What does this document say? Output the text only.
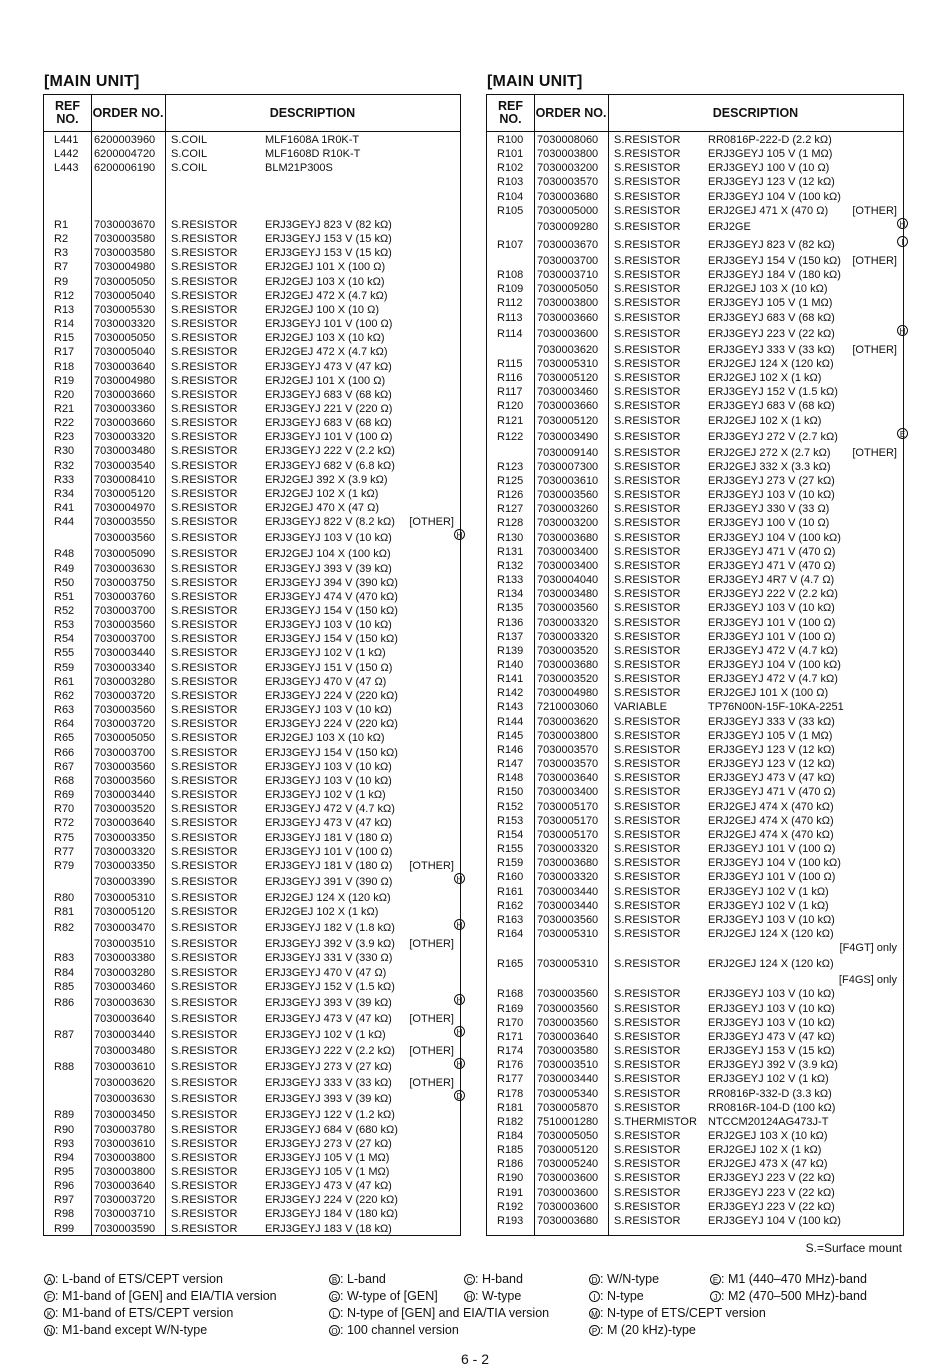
[MAIN UNIT]	[MAIN UNIT]
REF NO.	ORDER NO.	DESCRIPTION
L441 6200003960 S.COIL	MLF1608A 1R0K-T
L442 6200004720 S.COIL	MLF1608D R10K-T
L443 6200006190 S.COIL	BLM21P300S
R1 7030003670 S.RESISTOR	ERJ3GEYJ 823 V (82 kΩ)
R2 7030003580 S.RESISTOR	ERJ3GEYJ 153 V (15 kΩ)
R3 7030003580 S.RESISTOR	ERJ3GEYJ 153 V (15 kΩ)
R7 7030004980 S.RESISTOR	ERJ2GEJ 101 X (100 Ω)
R9 7030005050 S.RESISTOR	ERJ2GEJ 103 X (10 kΩ)
R12 7030005040 S.RESISTOR	ERJ2GEJ 472 X (4.7 kΩ)
R13 7030005530 S.RESISTOR	ERJ2GEJ 100 X (10 Ω)
R14 7030003320 S.RESISTOR	ERJ3GEYJ 101 V (100 Ω)
R15 7030005050 S.RESISTOR	ERJ2GEJ 103 X (10 kΩ)
R17 7030005040 S.RESISTOR	ERJ2GEJ 472 X (4.7 kΩ)
R18 7030003640 S.RESISTOR	ERJ3GEYJ 473 V (47 kΩ)
R19 7030004980 S.RESISTOR	ERJ2GEJ 101 X (100 Ω)
R20 7030003660 S.RESISTOR	ERJ3GEYJ 683 V (68 kΩ)
R21 7030003360 S.RESISTOR	ERJ3GEYJ 221 V (220 Ω)
R22 7030003660 S.RESISTOR	ERJ3GEYJ 683 V (68 kΩ)
R23 7030003320 S.RESISTOR	ERJ3GEYJ 101 V (100 Ω)
R30 7030003480 S.RESISTOR	ERJ3GEYJ 222 V (2.2 kΩ)
R32 7030003540 S.RESISTOR	ERJ3GEYJ 682 V (6.8 kΩ)
R33 7030008410 S.RESISTOR	ERJ2GEJ 392 X (3.9 kΩ)
R34 7030005120 S.RESISTOR	ERJ2GEJ 102 X (1 kΩ)
R41 7030004970 S.RESISTOR	ERJ2GEJ 470 X (47 Ω)
R44 7030003550 S.RESISTOR	ERJ3GEYJ 822 V (8.2 kΩ) [OTHER]
7030003560 S.RESISTOR	ERJ3GEYJ 103 V (10 kΩ)	H
R48 7030005090 S.RESISTOR	ERJ2GEJ 104 X (100 kΩ)
R49 7030003630 S.RESISTOR	ERJ3GEYJ 393 V (39 kΩ)
R50 7030003750 S.RESISTOR	ERJ3GEYJ 394 V (390 kΩ)
R51 7030003760 S.RESISTOR	ERJ3GEYJ 474 V (470 kΩ)
R52 7030003700 S.RESISTOR	ERJ3GEYJ 154 V (150 kΩ)
R53 7030003560 S.RESISTOR	ERJ3GEYJ 103 V (10 kΩ)
R54 7030003700 S.RESISTOR	ERJ3GEYJ 154 V (150 kΩ)
R55 7030003440 S.RESISTOR	ERJ3GEYJ 102 V (1 kΩ)
R59 7030003340 S.RESISTOR	ERJ3GEYJ 151 V (150 Ω)
R61 7030003280 S.RESISTOR	ERJ3GEYJ 470 V (47 Ω)
R62 7030003720 S.RESISTOR	ERJ3GEYJ 224 V (220 kΩ)
R63 7030003560 S.RESISTOR	ERJ3GEYJ 103 V (10 kΩ)
R64 7030003720 S.RESISTOR	ERJ3GEYJ 224 V (220 kΩ)
R65 7030005050 S.RESISTOR	ERJ2GEJ 103 X (10 kΩ)
R66 7030003700 S.RESISTOR	ERJ3GEYJ 154 V (150 kΩ)
R67 7030003560 S.RESISTOR	ERJ3GEYJ 103 V (10 kΩ)
R68 7030003560 S.RESISTOR	ERJ3GEYJ 103 V (10 kΩ)
R69 7030003440 S.RESISTOR	ERJ3GEYJ 102 V (1 kΩ)
R70 7030003520 S.RESISTOR	ERJ3GEYJ 472 V (4.7 kΩ)
R72 7030003640 S.RESISTOR	ERJ3GEYJ 473 V (47 kΩ)
R75 7030003350 S.RESISTOR	ERJ3GEYJ 181 V (180 Ω)
R77 7030003320 S.RESISTOR	ERJ3GEYJ 101 V (100 Ω)
R79 7030003350 S.RESISTOR	ERJ3GEYJ 181 V (180 Ω) [OTHER]
7030003390 S.RESISTOR	ERJ3GEYJ 391 V (390 Ω)	H
R80 7030005310 S.RESISTOR	ERJ2GEJ 124 X (120 kΩ)
R81 7030005120 S.RESISTOR	ERJ2GEJ 102 X (1 kΩ)
R82 7030003470 S.RESISTOR	ERJ3GEYJ 182 V (1.8 kΩ)	H
7030003510 S.RESISTOR	ERJ3GEYJ 392 V (3.9 kΩ) [OTHER]
R83 7030003380 S.RESISTOR	ERJ3GEYJ 331 V (330 Ω)
R84 7030003280 S.RESISTOR	ERJ3GEYJ 470 V (47 Ω)
R85 7030003460 S.RESISTOR	ERJ3GEYJ 152 V (1.5 kΩ)
R86 7030003630 S.RESISTOR	ERJ3GEYJ 393 V (39 kΩ)	H
7030003640 S.RESISTOR	ERJ3GEYJ 473 V (47 kΩ) [OTHER]
R87 7030003440 S.RESISTOR	ERJ3GEYJ 102 V (1 kΩ)	H
7030003480 S.RESISTOR	ERJ3GEYJ 222 V (2.2 kΩ) [OTHER]
R88 7030003610 S.RESISTOR	ERJ3GEYJ 273 V (27 kΩ)	H
7030003620 S.RESISTOR	ERJ3GEYJ 333 V (33 kΩ) [OTHER]
7030003630 S.RESISTOR	ERJ3GEYJ 393 V (39 kΩ)	D
R89 7030003450 S.RESISTOR	ERJ3GEYJ 122 V (1.2 kΩ)
R90 7030003780 S.RESISTOR	ERJ3GEYJ 684 V (680 kΩ)
R93 7030003610 S.RESISTOR	ERJ3GEYJ 273 V (27 kΩ)
R94 7030003800 S.RESISTOR	ERJ3GEYJ 105 V (1 MΩ)
R95 7030003800 S.RESISTOR	ERJ3GEYJ 105 V (1 MΩ)
R96 7030003640 S.RESISTOR	ERJ3GEYJ 473 V (47 kΩ)
R97 7030003720 S.RESISTOR	ERJ3GEYJ 224 V (220 kΩ)
R98 7030003710 S.RESISTOR	ERJ3GEYJ 184 V (180 kΩ)
R99 7030003590 S.RESISTOR	ERJ3GEYJ 183 V (18 kΩ)
REF NO.	ORDER NO.	DESCRIPTION
R100 7030008060 S.RESISTOR	RR0816P-222-D (2.2 kΩ)
R101 7030003800 S.RESISTOR	ERJ3GEYJ 105 V (1 MΩ)
R102 7030003200 S.RESISTOR	ERJ3GEYJ 100 V (10 Ω)
R103 7030003570 S.RESISTOR	ERJ3GEYJ 123 V (12 kΩ)
R104 7030003680 S.RESISTOR	ERJ3GEYJ 104 V (100 kΩ)
R105 7030005000 S.RESISTOR	ERJ2GEJ 471 X (470 Ω) [OTHER]
7030009280 S.RESISTOR	ERJ2GE	H
R107 7030003670 S.RESISTOR	ERJ3GEYJ 823 V (82 kΩ)	I
7030003700 S.RESISTOR	ERJ3GEYJ 154 V (150 kΩ) [OTHER]
R108 7030003710 S.RESISTOR	ERJ3GEYJ 184 V (180 kΩ)
R109 7030005050 S.RESISTOR	ERJ2GEJ 103 X (10 kΩ)
R112 7030003800 S.RESISTOR	ERJ3GEYJ 105 V (1 MΩ)
R113 7030003660 S.RESISTOR	ERJ3GEYJ 683 V (68 kΩ)
R114 7030003600 S.RESISTOR	ERJ3GEYJ 223 V (22 kΩ)	H
7030003620 S.RESISTOR	ERJ3GEYJ 333 V (33 kΩ) [OTHER]
R115 7030005310 S.RESISTOR	ERJ2GEJ 124 X (120 kΩ)
R116 7030005120 S.RESISTOR	ERJ2GEJ 102 X (1 kΩ)
R117 7030003460 S.RESISTOR	ERJ3GEYJ 152 V (1.5 kΩ)
R120 7030003660 S.RESISTOR	ERJ3GEYJ 683 V (68 kΩ)
R121 7030005120 S.RESISTOR	ERJ2GEJ 102 X (1 kΩ)
R122 7030003490 S.RESISTOR	ERJ3GEYJ 272 V (2.7 kΩ)	E
7030009140 S.RESISTOR	ERJ2GEJ 272 X (2.7 kΩ) [OTHER]
R123 7030007300 S.RESISTOR	ERJ2GEJ 332 X (3.3 kΩ)
R125 7030003610 S.RESISTOR	ERJ3GEYJ 273 V (27 kΩ)
R126 7030003560 S.RESISTOR	ERJ3GEYJ 103 V (10 kΩ)
R127 7030003260 S.RESISTOR	ERJ3GEYJ 330 V (33 Ω)
R128 7030003200 S.RESISTOR	ERJ3GEYJ 100 V (10 Ω)
R130 7030003680 S.RESISTOR	ERJ3GEYJ 104 V (100 kΩ)
R131 7030003400 S.RESISTOR	ERJ3GEYJ 471 V (470 Ω)
R132 7030003400 S.RESISTOR	ERJ3GEYJ 471 V (470 Ω)
R133 7030004040 S.RESISTOR	ERJ3GEYJ 4R7 V (4.7 Ω)
R134 7030003480 S.RESISTOR	ERJ3GEYJ 222 V (2.2 kΩ)
R135 7030003560 S.RESISTOR	ERJ3GEYJ 103 V (10 kΩ)
R136 7030003320 S.RESISTOR	ERJ3GEYJ 101 V (100 Ω)
R137 7030003320 S.RESISTOR	ERJ3GEYJ 101 V (100 Ω)
R139 7030003520 S.RESISTOR	ERJ3GEYJ 472 V (4.7 kΩ)
R140 7030003680 S.RESISTOR	ERJ3GEYJ 104 V (100 kΩ)
R141 7030003520 S.RESISTOR	ERJ3GEYJ 472 V (4.7 kΩ)
R142 7030004980 S.RESISTOR	ERJ2GEJ 101 X (100 Ω)
R143 7210003060 VARIABLE	TP76N00N-15F-10KA-2251
R144 7030003620 S.RESISTOR	ERJ3GEYJ 333 V (33 kΩ)
R145 7030003800 S.RESISTOR	ERJ3GEYJ 105 V (1 MΩ)
R146 7030003570 S.RESISTOR	ERJ3GEYJ 123 V (12 kΩ)
R147 7030003570 S.RESISTOR	ERJ3GEYJ 123 V (12 kΩ)
R148 7030003640 S.RESISTOR	ERJ3GEYJ 473 V (47 kΩ)
R150 7030003400 S.RESISTOR	ERJ3GEYJ 471 V (470 Ω)
R152 7030005170 S.RESISTOR	ERJ2GEJ 474 X (470 kΩ)
R153 7030005170 S.RESISTOR	ERJ2GEJ 474 X (470 kΩ)
R154 7030005170 S.RESISTOR	ERJ2GEJ 474 X (470 kΩ)
R155 7030003320 S.RESISTOR	ERJ3GEYJ 101 V (100 Ω)
R159 7030003680 S.RESISTOR	ERJ3GEYJ 104 V (100 kΩ)
R160 7030003320 S.RESISTOR	ERJ3GEYJ 101 V (100 Ω)
R161 7030003440 S.RESISTOR	ERJ3GEYJ 102 V (1 kΩ)
R162 7030003440 S.RESISTOR	ERJ3GEYJ 102 V (1 kΩ)
R163 7030003560 S.RESISTOR	ERJ3GEYJ 103 V (10 kΩ)
R164 7030005310 S.RESISTOR	ERJ2GEJ 124 X (120 kΩ)
[F4GT] only
R165 7030005310 S.RESISTOR	ERJ2GEJ 124 X (120 kΩ)
[F4GS] only
R168 7030003560 S.RESISTOR	ERJ3GEYJ 103 V (10 kΩ)
R169 7030003560 S.RESISTOR	ERJ3GEYJ 103 V (10 kΩ)
R170 7030003560 S.RESISTOR	ERJ3GEYJ 103 V (10 kΩ)
R171 7030003640 S.RESISTOR	ERJ3GEYJ 473 V (47 kΩ)
R174 7030003580 S.RESISTOR	ERJ3GEYJ 153 V (15 kΩ)
R176 7030003510 S.RESISTOR	ERJ3GEYJ 392 V (3.9 kΩ)
R177 7030003440 S.RESISTOR	ERJ3GEYJ 102 V (1 kΩ)
R178 7030005340 S.RESISTOR	RR0816P-332-D (3.3 kΩ)
R181 7030005870 S.RESISTOR	RR0816R-104-D (100 kΩ)
R182 7510001280 S.THERMISTOR NTCCM20124AG473J-T
R184 7030005050 S.RESISTOR	ERJ2GEJ 103 X (10 kΩ)
R185 7030005120 S.RESISTOR	ERJ2GEJ 102 X (1 kΩ)
R186 7030005240 S.RESISTOR	ERJ2GEJ 473 X (47 kΩ)
R190 7030003600 S.RESISTOR	ERJ3GEYJ 223 V (22 kΩ)
R191 7030003600 S.RESISTOR	ERJ3GEYJ 223 V (22 kΩ)
R192 7030003600 S.RESISTOR	ERJ3GEYJ 223 V (22 kΩ)
R193 7030003680 S.RESISTOR	ERJ3GEYJ 104 V (100 kΩ)
S.=Surface mount
A : L-band of ETS/CEPT version	B : L-band	C : H-band	D : W/N-type	E : M1 (440–470 MHz)-band
F : M1-band of [GEN] and EIA/TIA version	G : W-type of [GEN]	H : W-type	I : N-type	J : M2 (470–500 MHz)-band
K : M1-band of ETS/CEPT version	L : N-type of [GEN] and EIA/TIA version	M : N-type of ETS/CEPT version
N : M1-band except W/N-type	O : 100 channel version	P : M (20 kHz)-type
6 - 2
